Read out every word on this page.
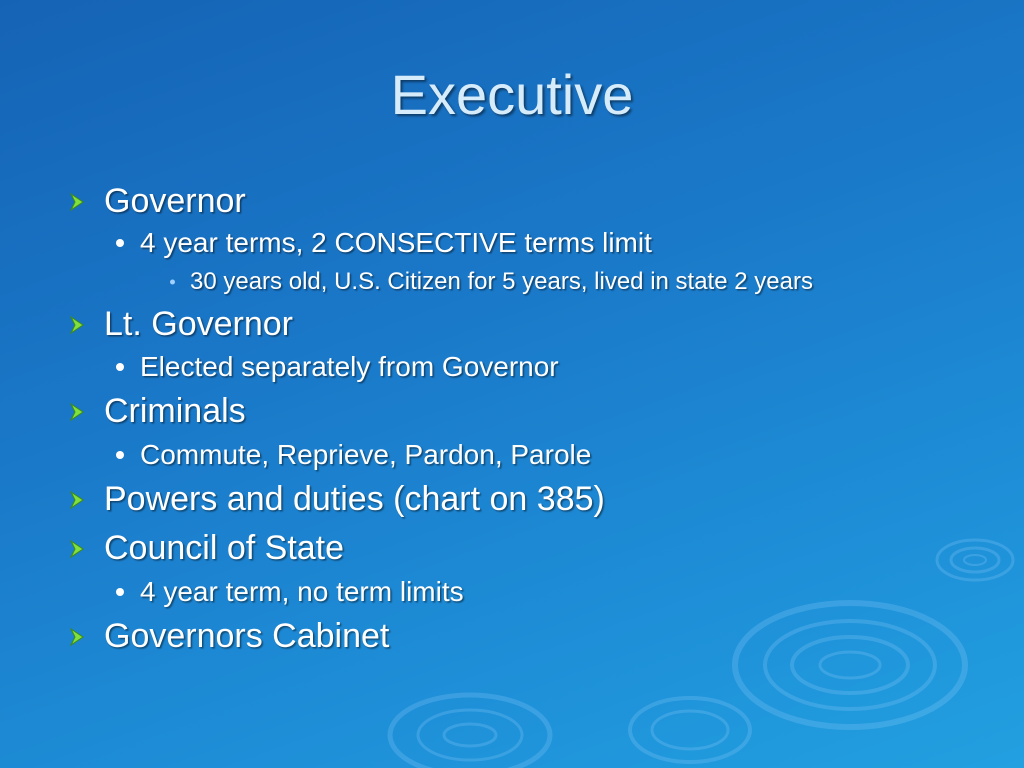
Executive
Governor
4 year terms, 2 CONSECTIVE terms limit
30 years old, U.S. Citizen for 5 years, lived in state 2 years
Lt. Governor
Elected separately from Governor
Criminals
Commute, Reprieve, Pardon, Parole
Powers and duties (chart on 385)
Council of State
4 year term, no term limits
Governors Cabinet
